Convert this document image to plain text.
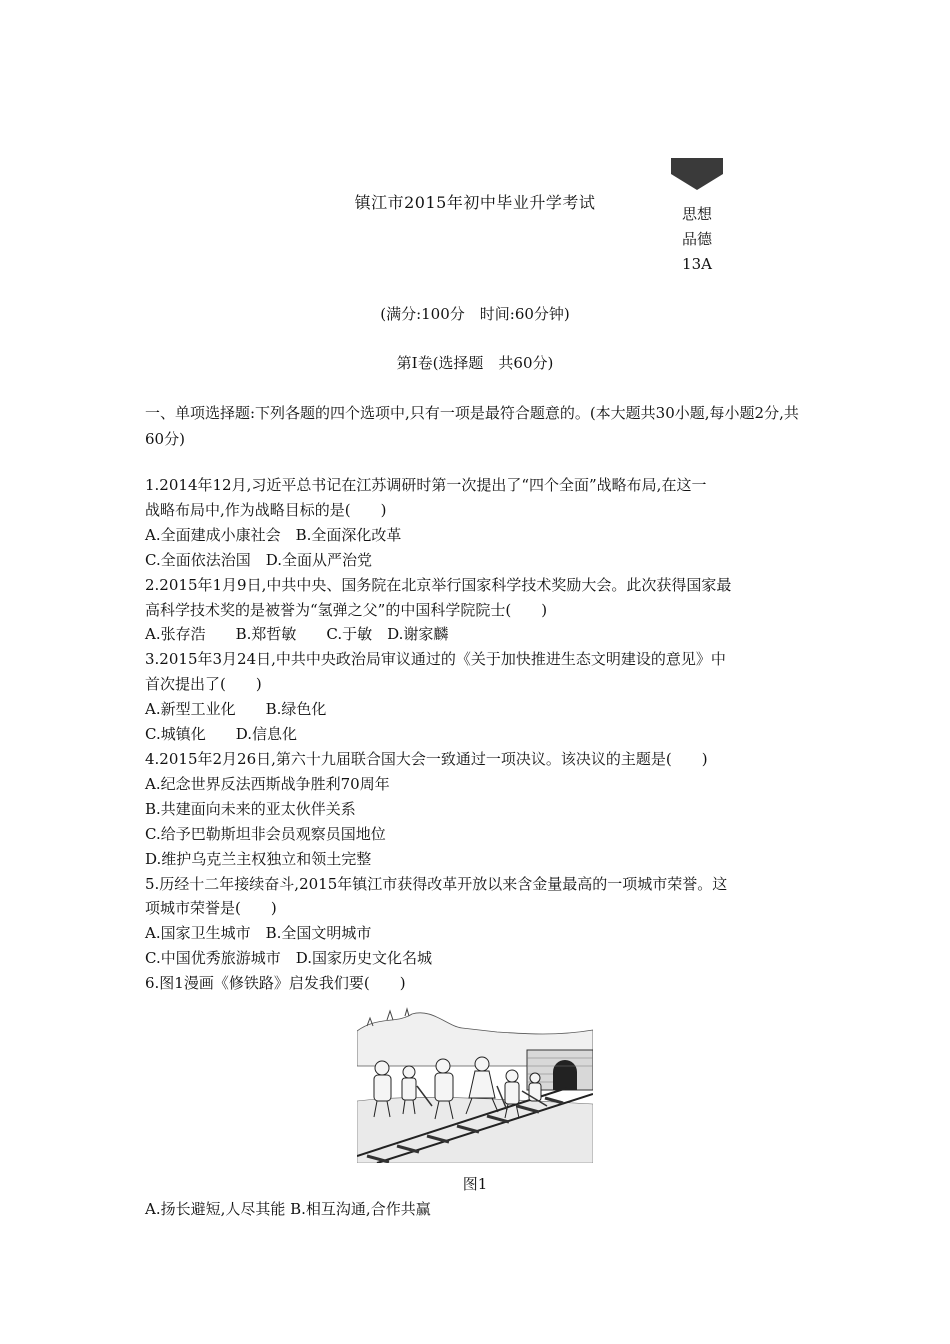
镇江市2015年初中毕业升学考试
思想
品德
13A
(满分:100分　时间:60分钟)
第Ⅰ卷(选择题　共60分)
一、单项选择题:下列各题的四个选项中,只有一项是最符合题意的。(本大题共30小题,每小题2分,共60分)
1.2014年12月,习近平总书记在江苏调研时第一次提出了“四个全面”战略布局,在这一
战略布局中,作为战略目标的是(　　)
A.全面建成小康社会　B.全面深化改革
C.全面依法治国　D.全面从严治党
2.2015年1月9日,中共中央、国务院在北京举行国家科学技术奖励大会。此次获得国家最
高科学技术奖的是被誉为“氢弹之父”的中国科学院院士(　　)
A.张存浩　　B.郑哲敏　　C.于敏　D.谢家麟
3.2015年3月24日,中共中央政治局审议通过的《关于加快推进生态文明建设的意见》中
首次提出了(　　)
A.新型工业化　　B.绿色化
C.城镇化　　D.信息化
4.2015年2月26日,第六十九届联合国大会一致通过一项决议。该决议的主题是(　　)
A.纪念世界反法西斯战争胜利70周年
B.共建面向未来的亚太伙伴关系
C.给予巴勒斯坦非会员观察员国地位
D.维护乌克兰主权独立和领土完整
5.历经十二年接续奋斗,2015年镇江市获得改革开放以来含金量最高的一项城市荣誉。这
项城市荣誉是(　　)
A.国家卫生城市　B.全国文明城市
C.中国优秀旅游城市　D.国家历史文化名城
6.图1漫画《修铁路》启发我们要(　　)
图1
A.扬长避短,人尽其能 B.相互沟通,合作共赢
